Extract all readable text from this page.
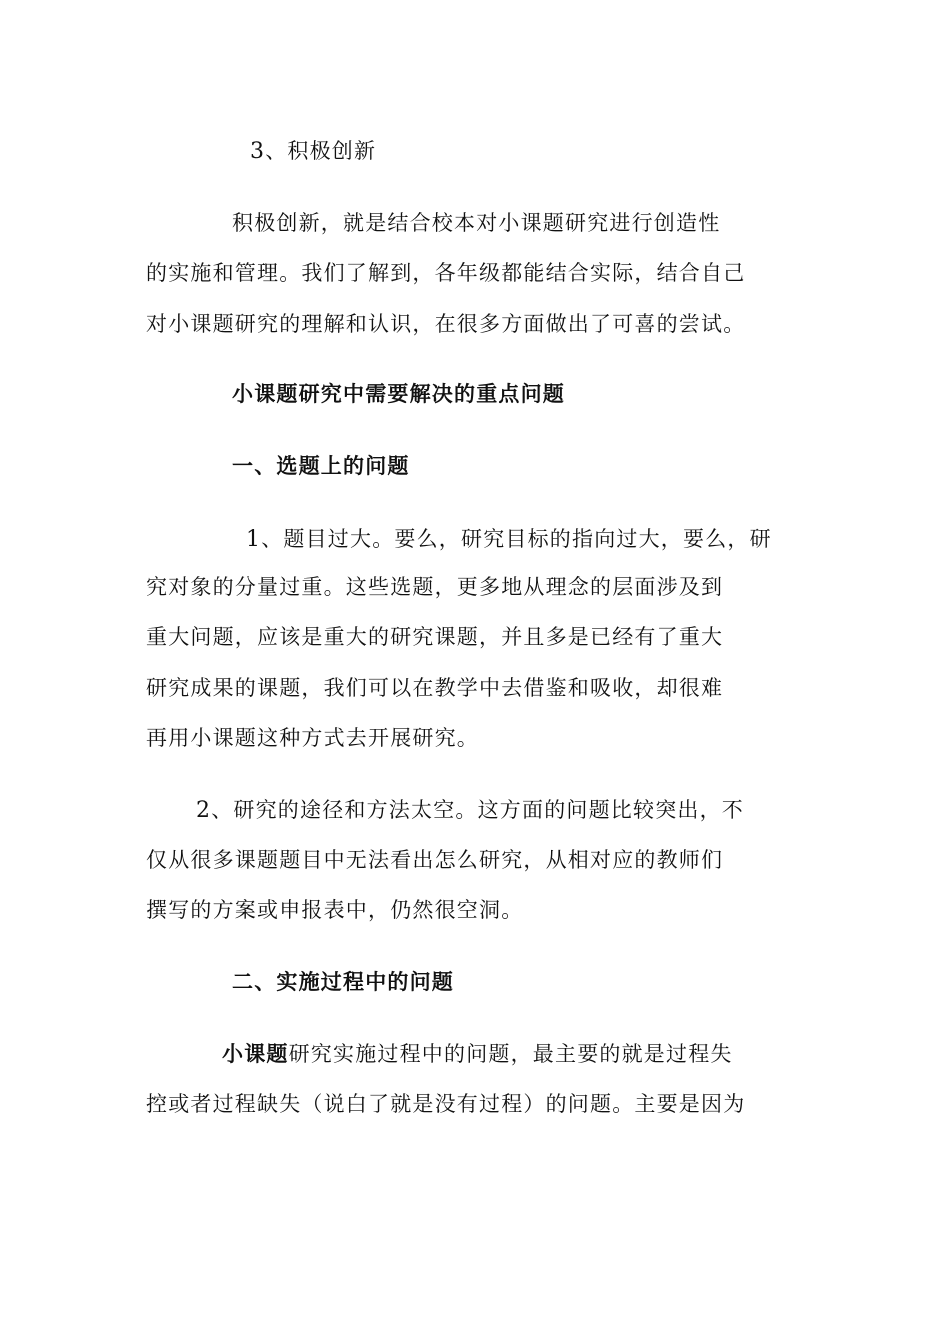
3、积极创新
积极创新，就是结合校本对小课题研究进行创造性
的实施和管理。我们了解到，各年级都能结合实际，结合自己
对小课题研究的理解和认识，在很多方面做出了可喜的尝试。
小课题研究中需要解决的重点问题
一、选题上的问题
1、题目过大。要么，研究目标的指向过大，要么，研
究对象的分量过重。这些选题，更多地从理念的层面涉及到
重大问题，应该是重大的研究课题，并且多是已经有了重大
研究成果的课题，我们可以在教学中去借鉴和吸收，却很难
再用小课题这种方式去开展研究。
2、研究的途径和方法太空。这方面的问题比较突出，不
仅从很多课题题目中无法看出怎么研究，从相对应的教师们
撰写的方案或申报表中，仍然很空洞。
二、实施过程中的问题
小课题研究实施过程中的问题，最主要的就是过程失
控或者过程缺失（说白了就是没有过程）的问题。主要是因为
